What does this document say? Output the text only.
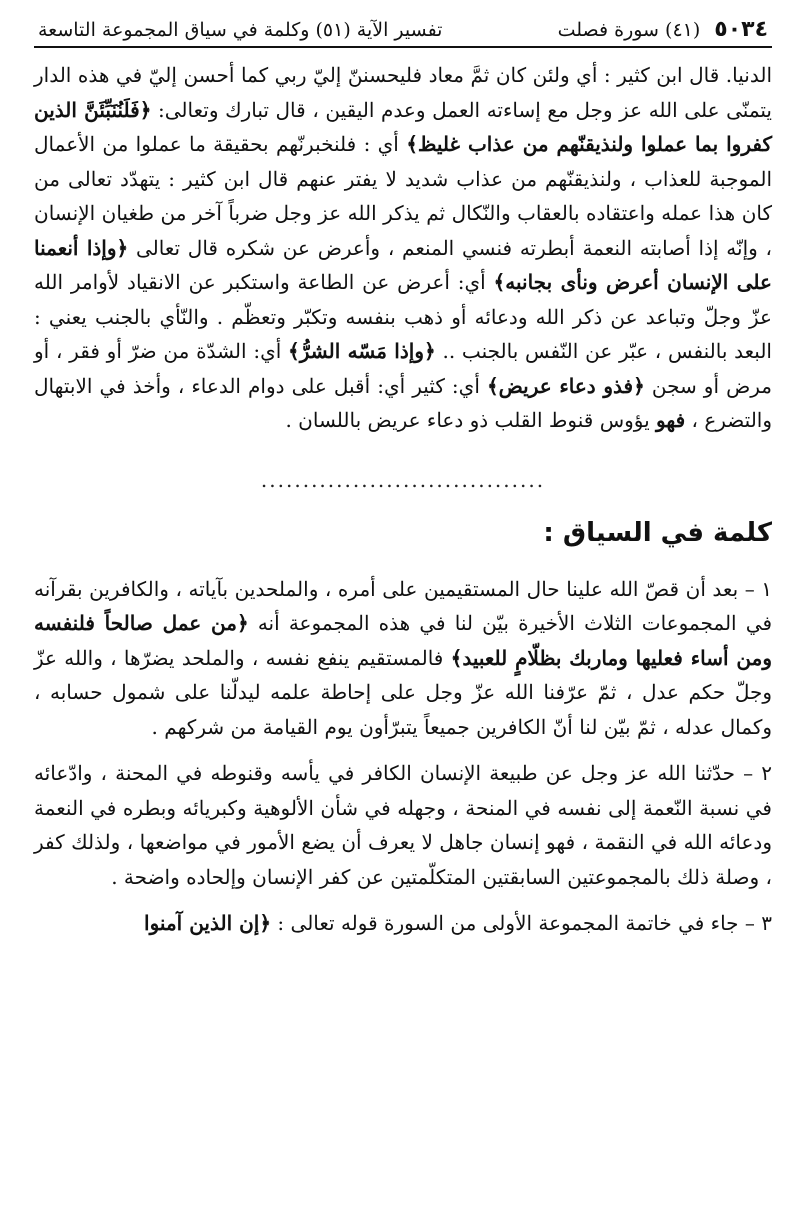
٥٠٣٤
(٤١) سورة فصلت
تفسير الآية (٥١) وكلمة في سياق المجموعة التاسعة

الدنيا. قال ابن كثير : أي ولئن كان ثمَّ معاد فليحسننّ إليّ ربي كما أحسن إليّ في هذه الدار يتمنّى على الله عز وجل مع إساءته العمل وعدم اليقين ، قال تبارك وتعالى: ﴿فَلَنُنَبِّئَنَّ الذين كفروا بما عملوا ولنذيقنّهم من عذاب غليظ﴾ أي : فلنخبرنّهم بحقيقة ما عملوا من الأعمال الموجبة للعذاب ، ولنذيقنّهم من عذاب شديد لا يفتر عنهم قال ابن كثير : يتهدّد تعالى من كان هذا عمله واعتقاده بالعقاب والنّكال ثم يذكر الله عز وجل ضرباً آخر من طغيان الإنسان ، وإنّه إذا أصابته النعمة أبطرته فنسي المنعم ، وأعرض عن شكره قال تعالى ﴿وإذا أنعمنا على الإنسان أعرض ونأى بجانبه﴾ أي: أعرض عن الطاعة واستكبر عن الانقياد لأوامر الله عزّ وجلّ وتباعد عن ذكر الله ودعائه أو ذهب بنفسه وتكبّر وتعظّم . والنّأي بالجنب يعني : البعد بالنفس ، عبّر عن النّفس بالجنب .. ﴿وإذا مَسّه الشرُّ﴾ أي: الشدّة من ضرّ أو فقر ، أو مرض أو سجن ﴿فذو دعاء عريض﴾ أي: كثير أي: أقبل على دوام الدعاء ، وأخذ في الابتهال والتضرع ، فهو يؤوس قنوط القلب ذو دعاء عريض باللسان .

..................................
كلمة في السياق :

١ – بعد أن قصّ الله علينا حال المستقيمين على أمره ، والملحدين بآياته ، والكافرين بقرآنه في المجموعات الثلاث الأخيرة بيّن لنا في هذه المجموعة أنه ﴿من عمل صالحاً فلنفسه ومن أساء فعليها وماربك بظلّامٍ للعبيد﴾ فالمستقيم ينفع نفسه ، والملحد يضرّها ، والله عزّ وجلّ حكم عدل ، ثمّ عرّفنا الله عزّ وجل على إحاطة علمه ليدلّنا على شمول حسابه ، وكمال عدله ، ثمّ بيّن لنا أنّ الكافرين جميعاً يتبرّأون يوم القيامة من شركهم .

٢ – حدّثنا الله عز وجل عن طبيعة الإنسان الكافر في يأسه وقنوطه في المحنة ، وادّعائه في نسبة النّعمة إلى نفسه في المنحة ، وجهله في شأن الألوهية وكبريائه وبطره في النعمة ودعائه الله في النقمة ، فهو إنسان جاهل لا يعرف أن يضع الأمور في مواضعها ، ولذلك كفر ، وصلة ذلك بالمجموعتين السابقتين المتكلّمتين عن كفر الإنسان وإلحاده واضحة .

٣ – جاء في خاتمة المجموعة الأولى من السورة قوله تعالى : ﴿إن الذين آمنوا
